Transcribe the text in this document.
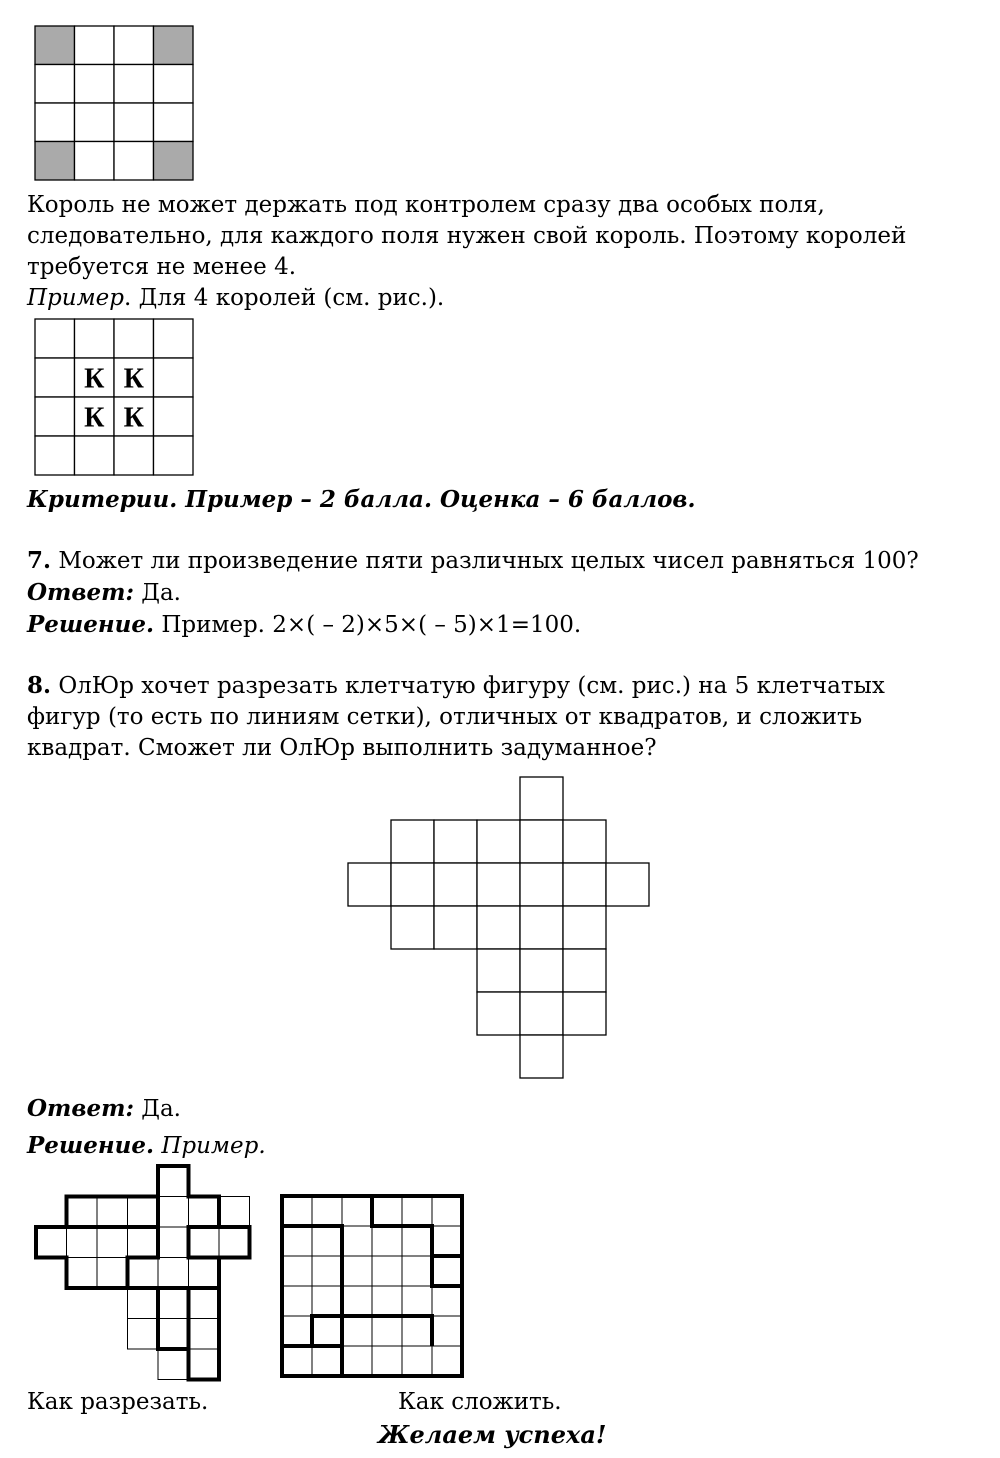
Король не может держать под контролем сразу два особых поля,
следовательно, для каждого поля нужен свой король. Поэтому королей
требуется не менее 4.
Пример. Для 4 королей (см. рис.).
К К
К К
Критерии. Пример – 2 балла. Оценка – 6 баллов.
7. Может ли произведение пяти различных целых чисел равняться 100?
Ответ: Да.
Решение. Пример. 2×( – 2)×5×( – 5)×1=100.
8. ОлЮр хочет разрезать клетчатую фигуру (см. рис.) на 5 клетчатых
фигур (то есть по линиям сетки), отличных от квадратов, и сложить
квадрат. Сможет ли ОлЮр выполнить задуманное?
Ответ: Да.
Решение. Пример.
Как разрезать.	Как сложить.
Желаем успеха!
